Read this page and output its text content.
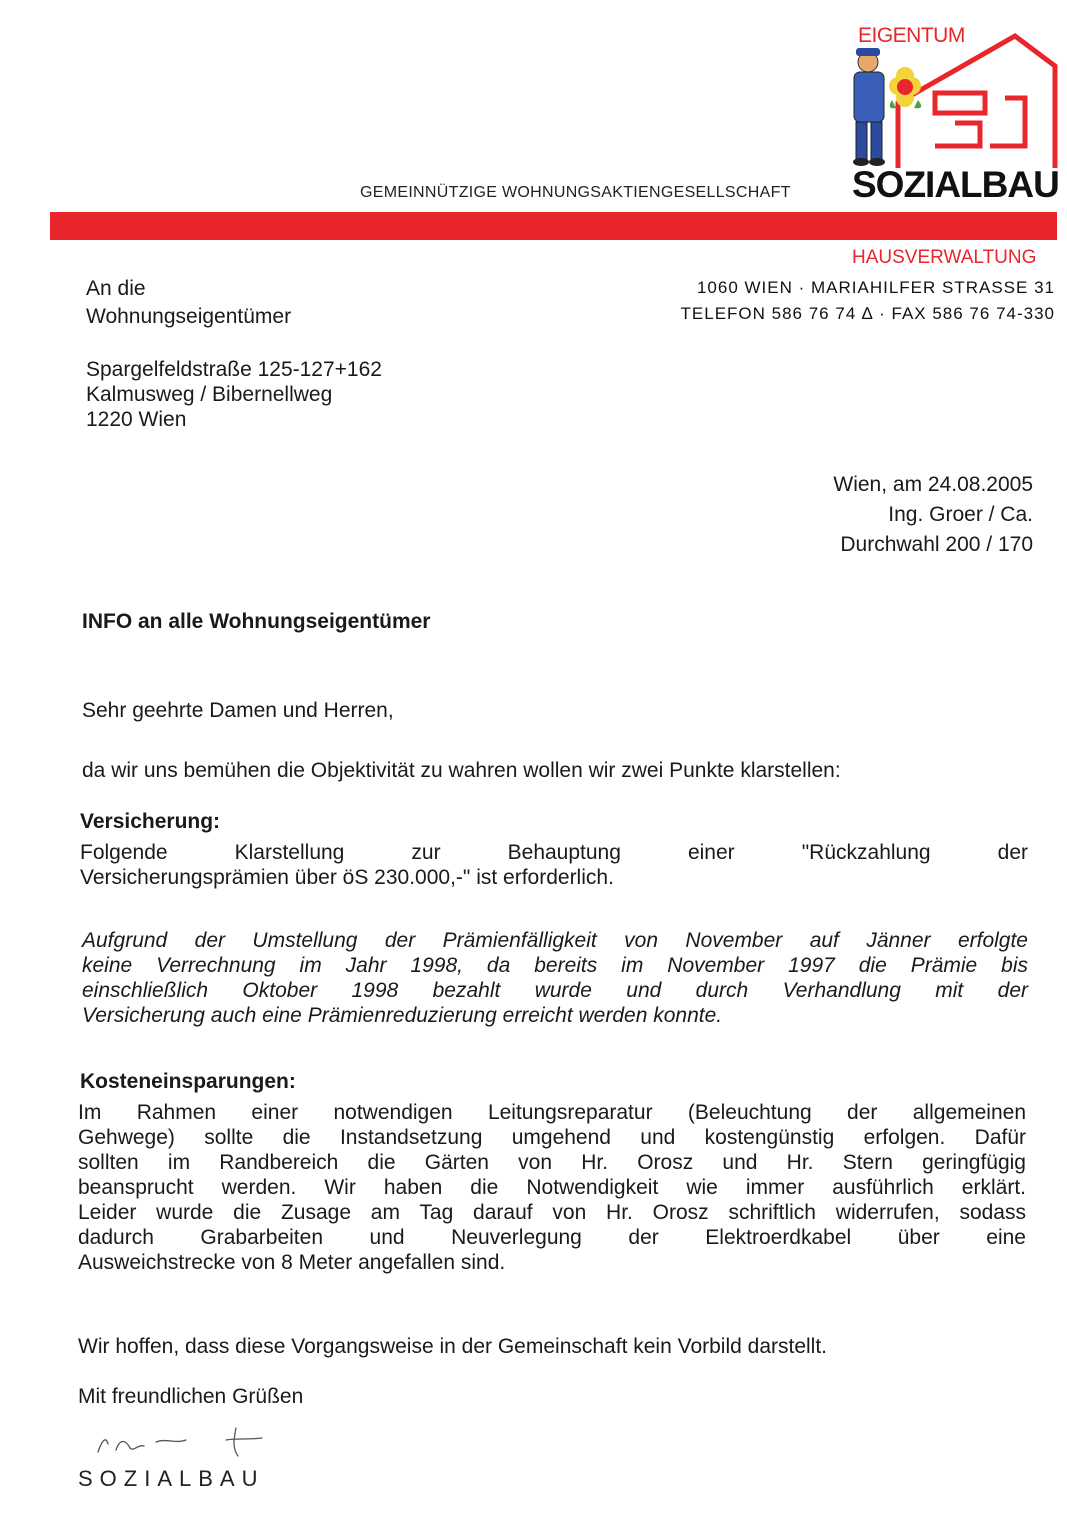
EIGENTUM
SOZIALBAU
GEMEINNÜTZIGE WOHNUNGSAKTIENGESELLSCHAFT
HAUSVERWALTUNG
1060 WIEN · MARIAHILFER STRASSE 31
TELEFON 586 76 74 ∆ · FAX 586 76 74-330
An die
Wohnungseigentümer
Spargelfeldstraße 125-127+162
Kalmusweg / Bibernellweg
1220 Wien
Wien, am 24.08.2005
Ing. Groer / Ca.
Durchwahl 200 / 170
INFO an alle Wohnungseigentümer
Sehr geehrte Damen und Herren,
da wir uns bemühen die Objektivität zu wahren wollen wir zwei Punkte klarstellen:
Versicherung:
Folgende Klarstellung zur Behauptung einer "Rückzahlung der
Versicherungsprämien über öS 230.000,-" ist erforderlich.
Aufgrund der Umstellung der Prämienfälligkeit von November auf Jänner erfolgte
keine Verrechnung im Jahr 1998, da bereits im November 1997 die Prämie bis
einschließlich Oktober 1998 bezahlt wurde und durch Verhandlung mit der
Versicherung auch eine Prämienreduzierung erreicht werden konnte.
Kosteneinsparungen:
Im Rahmen einer notwendigen Leitungsreparatur (Beleuchtung der allgemeinen
Gehwege) sollte die Instandsetzung umgehend und kostengünstig erfolgen. Dafür
sollten im Randbereich die Gärten von Hr. Orosz und Hr. Stern geringfügig
beansprucht werden. Wir haben die Notwendigkeit wie immer ausführlich erklärt.
Leider wurde die Zusage am Tag darauf von Hr. Orosz schriftlich widerrufen, sodass
dadurch Grabarbeiten und Neuverlegung der Elektroerdkabel über eine
Ausweichstrecke von 8 Meter angefallen sind.
Wir hoffen, dass diese Vorgangsweise in der Gemeinschaft kein Vorbild darstellt.
Mit freundlichen Grüßen
SOZIALBAU
